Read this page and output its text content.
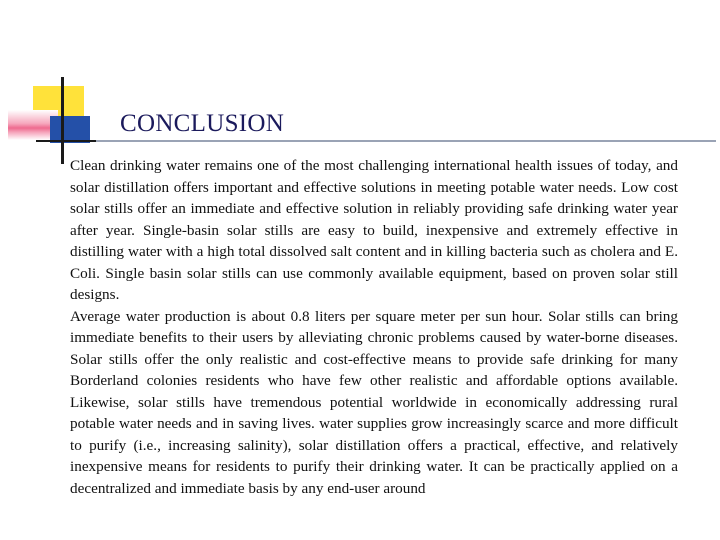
CONCLUSION

Clean drinking water remains one of the most challenging international health issues of today, and solar distillation offers important and effective solutions in meeting potable water needs. Low cost solar stills offer an immediate and effective solution in reliably providing safe drinking water year after year. Single-basin solar stills are easy to build, inexpensive and extremely effective in distilling water with a high total dissolved salt content and in killing bacteria such as cholera and E. Coli. Single basin solar stills can use commonly available equipment, based on proven solar still designs.

Average water production is about 0.8 liters per square meter per sun hour. Solar stills can bring immediate benefits to their users by alleviating chronic problems caused by water-borne diseases. Solar stills offer the only realistic and cost-effective means to provide safe drinking for many Borderland colonies residents who have few other realistic and affordable options available. Likewise, solar stills have tremendous potential worldwide in economically addressing rural potable water needs and in saving lives. water supplies grow increasingly scarce and more difficult to purify (i.e., increasing salinity), solar distillation offers a practical, effective, and relatively inexpensive means for residents to purify their drinking water. It can be practically applied on a decentralized and immediate basis by any end-user around
